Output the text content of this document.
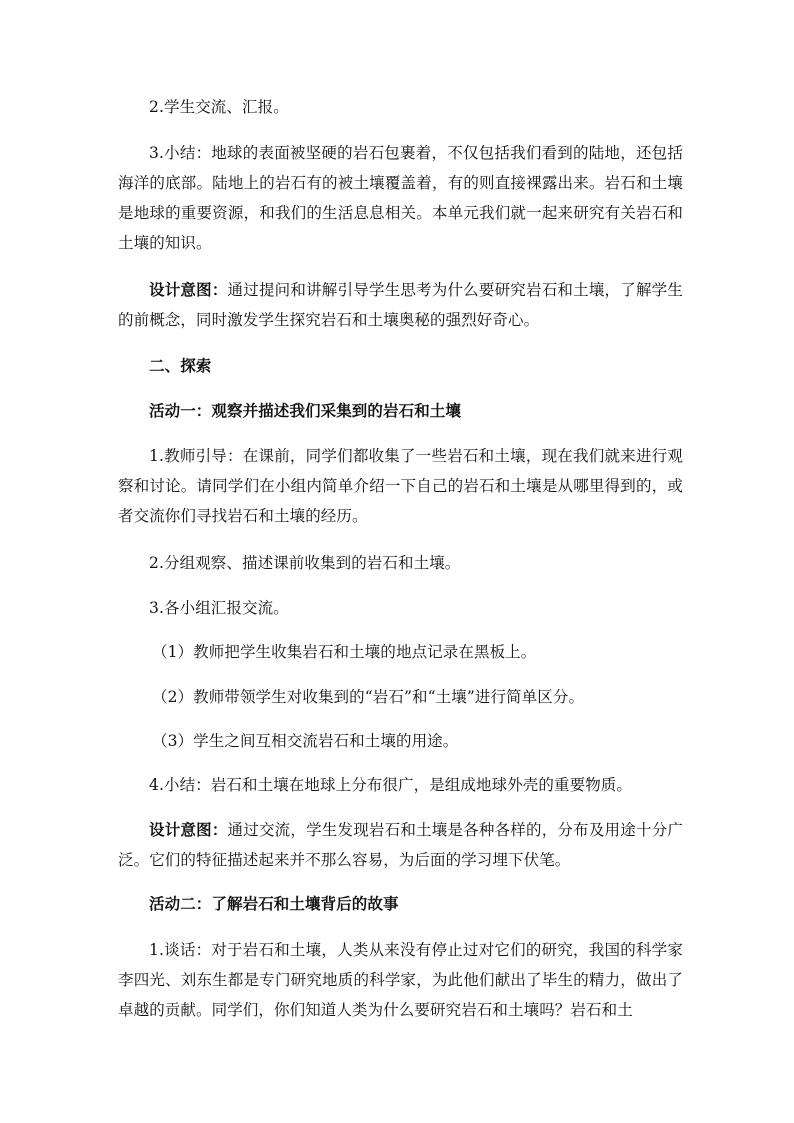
2.学生交流、汇报。
3.小结：地球的表面被坚硬的岩石包裹着，不仅包括我们看到的陆地，还包括海洋的底部。陆地上的岩石有的被土壤覆盖着，有的则直接裸露出来。岩石和土壤是地球的重要资源，和我们的生活息息相关。本单元我们就一起来研究有关岩石和土壤的知识。
设计意图：通过提问和讲解引导学生思考为什么要研究岩石和土壤，了解学生的前概念，同时激发学生探究岩石和土壤奥秘的强烈好奇心。
二、探索
活动一：观察并描述我们采集到的岩石和土壤
1.教师引导：在课前，同学们都收集了一些岩石和土壤，现在我们就来进行观察和讨论。请同学们在小组内简单介绍一下自己的岩石和土壤是从哪里得到的，或者交流你们寻找岩石和土壤的经历。
2.分组观察、描述课前收集到的岩石和土壤。
3.各小组汇报交流。
（1）教师把学生收集岩石和土壤的地点记录在黑板上。
（2）教师带领学生对收集到的“岩石”和“土壤”进行简单区分。
（3）学生之间互相交流岩石和土壤的用途。
4.小结：岩石和土壤在地球上分布很广，是组成地球外壳的重要物质。
设计意图：通过交流，学生发现岩石和土壤是各种各样的，分布及用途十分广泛。它们的特征描述起来并不那么容易，为后面的学习埋下伏笔。
活动二：了解岩石和土壤背后的故事
1.谈话：对于岩石和土壤，人类从来没有停止过对它们的研究，我国的科学家李四光、刘东生都是专门研究地质的科学家，为此他们献出了毕生的精力，做出了卓越的贡献。同学们，你们知道人类为什么要研究岩石和土壤吗？岩石和土
